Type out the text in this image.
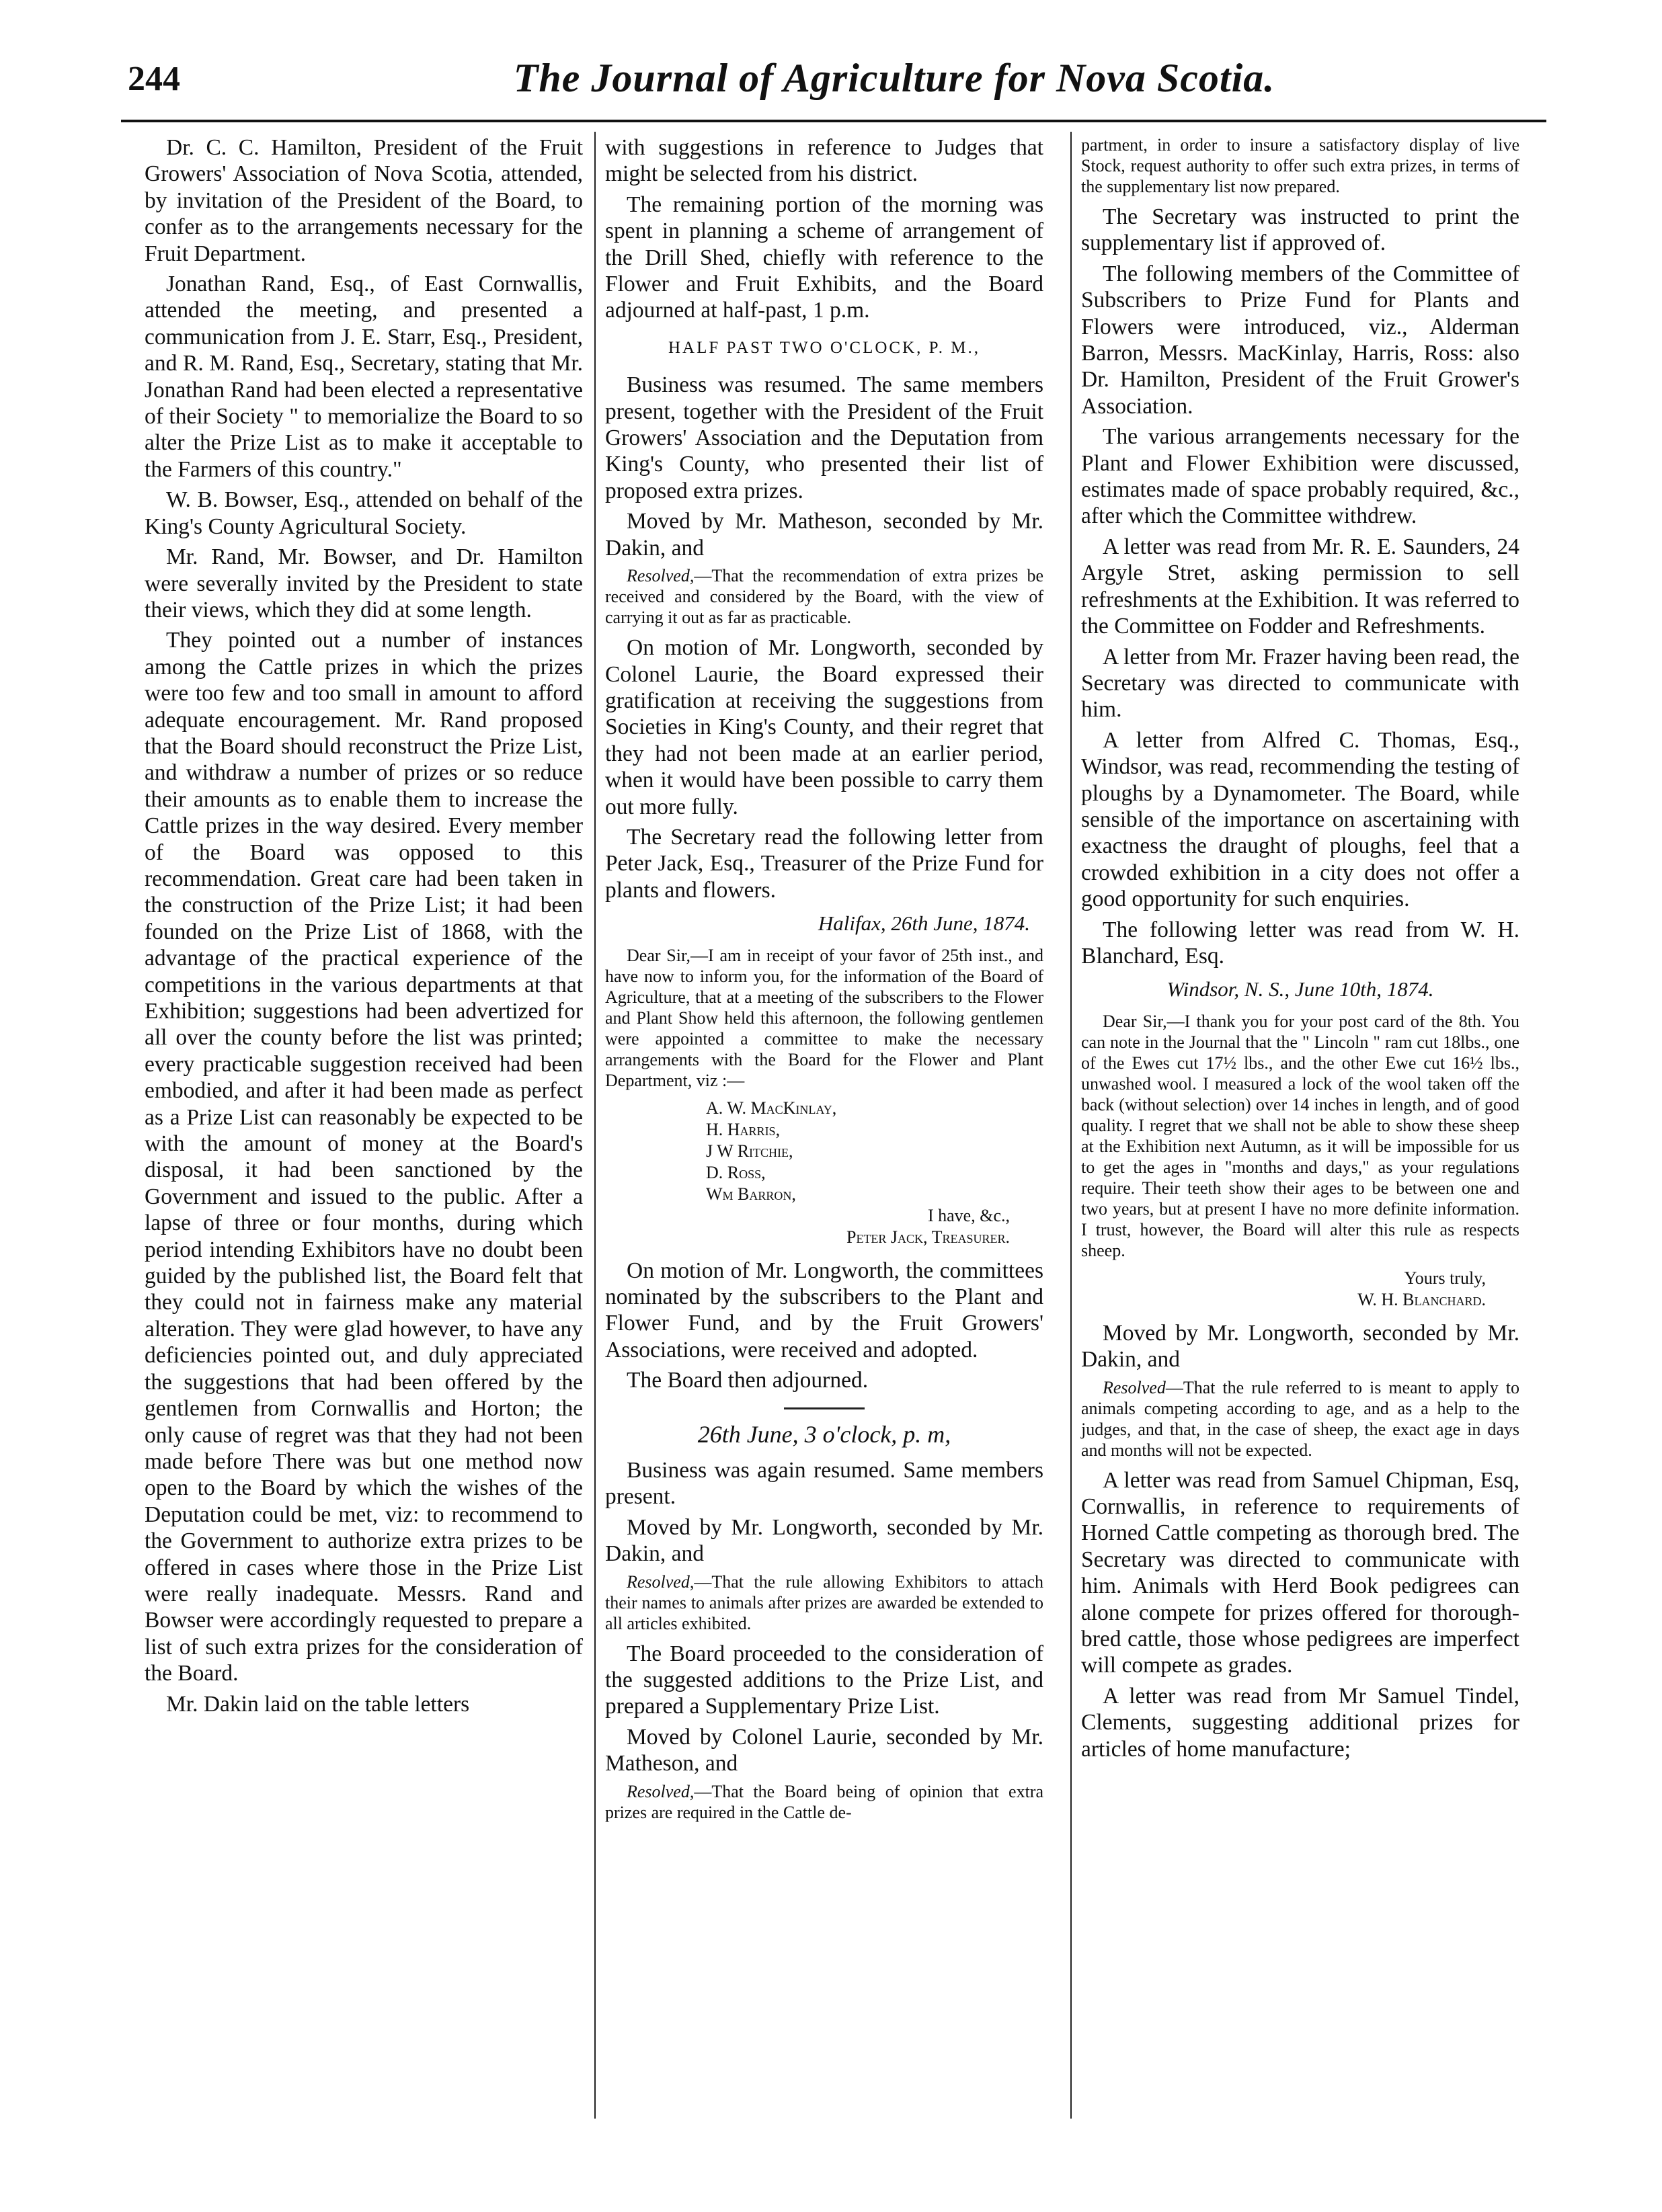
244	The Journal of Agriculture for Nova Scotia.

Dr. C. C. Hamilton, President of the Fruit Growers' Association of Nova Scotia, attended, by invitation of the President of the Board, to confer as to the arrangements necessary for the Fruit Department.

Jonathan Rand, Esq., of East Cornwallis, attended the meeting, and presented a communication from J. E. Starr, Esq., President, and R. M. Rand, Esq., Secretary, stating that Mr. Jonathan Rand had been elected a representative of their Society " to memorialize the Board to so alter the Prize List as to make it acceptable to the Farmers of this country."

W. B. Bowser, Esq., attended on behalf of the King's County Agricultural Society.

Mr. Rand, Mr. Bowser, and Dr. Hamilton were severally invited by the President to state their views, which they did at some length.

They pointed out a number of instances among the Cattle prizes in which the prizes were too few and too small in amount to afford adequate encouragement. Mr. Rand proposed that the Board should reconstruct the Prize List, and withdraw a number of prizes or so reduce their amounts as to enable them to increase the Cattle prizes in the way desired. Every member of the Board was opposed to this recommendation. Great care had been taken in the construction of the Prize List; it had been founded on the Prize List of 1868, with the advantage of the practical experience of the competitions in the various departments at that Exhibition; suggestions had been advertized for all over the county before the list was printed; every practicable suggestion received had been embodied, and after it had been made as perfect as a Prize List can reasonably be expected to be with the amount of money at the Board's disposal, it had been sanctioned by the Government and issued to the public. After a lapse of three or four months, during which period intending Exhibitors have no doubt been guided by the published list, the Board felt that they could not in fairness make any material alteration. They were glad however, to have any deficiencies pointed out, and duly appreciated the suggestions that had been offered by the gentlemen from Cornwallis and Horton; the only cause of regret was that they had not been made before There was but one method now open to the Board by which the wishes of the Deputation could be met, viz: to recommend to the Government to authorize extra prizes to be offered in cases where those in the Prize List were really inadequate. Messrs. Rand and Bowser were accordingly requested to prepare a list of such extra prizes for the consideration of the Board.

Mr. Dakin laid on the table letters

with suggestions in reference to Judges that might be selected from his district.

The remaining portion of the morning was spent in planning a scheme of arrangement of the Drill Shed, chiefly with reference to the Flower and Fruit Exhibits, and the Board adjourned at half-past, 1 p.m.

HALF PAST TWO O'CLOCK, P. M.,

Business was resumed. The same members present, together with the President of the Fruit Growers' Association and the Deputation from King's County, who presented their list of proposed extra prizes.

Moved by Mr. Matheson, seconded by Mr. Dakin, and

Resolved,—That the recommendation of extra prizes be received and considered by the Board, with the view of carrying it out as far as practicable.

On motion of Mr. Longworth, seconded by Colonel Laurie, the Board expressed their gratification at receiving the suggestions from Societies in King's County, and their regret that they had not been made at an earlier period, when it would have been possible to carry them out more fully.

The Secretary read the following letter from Peter Jack, Esq., Treasurer of the Prize Fund for plants and flowers.

Halifax, 26th June, 1874.

Dear Sir,—I am in receipt of your favor of 25th inst., and have now to inform you, for the information of the Board of Agriculture, that at a meeting of the subscribers to the Flower and Plant Show held this afternoon, the following gentlemen were appointed a committee to make the necessary arrangements with the Board for the Flower and Plant Department, viz :—

A. W. MacKinlay,
H. Harris,
J W Ritchie,
D. Ross,
Wm Barron,
I have, &c.,
Peter Jack, Treasurer.

On motion of Mr. Longworth, the committees nominated by the subscribers to the Plant and Flower Fund, and by the Fruit Growers' Associations, were received and adopted.

The Board then adjourned.

26th June, 3 o'clock, p. m,

Business was again resumed. Same members present.

Moved by Mr. Longworth, seconded by Mr. Dakin, and

Resolved,—That the rule allowing Exhibitors to attach their names to animals after prizes are awarded be extended to all articles exhibited.

The Board proceeded to the consideration of the suggested additions to the Prize List, and prepared a Supplementary Prize List.

Moved by Colonel Laurie, seconded by Mr. Matheson, and

Resolved,—That the Board being of opinion that extra prizes are required in the Cattle de-

partment, in order to insure a satisfactory display of live Stock, request authority to offer such extra prizes, in terms of the supplementary list now prepared.

The Secretary was instructed to print the supplementary list if approved of.

The following members of the Committee of Subscribers to Prize Fund for Plants and Flowers were introduced, viz., Alderman Barron, Messrs. MacKinlay, Harris, Ross: also Dr. Hamilton, President of the Fruit Grower's Association.

The various arrangements necessary for the Plant and Flower Exhibition were discussed, estimates made of space probably required, &c., after which the Committee withdrew.

A letter was read from Mr. R. E. Saunders, 24 Argyle Stret, asking permission to sell refreshments at the Exhibition. It was referred to the Committee on Fodder and Refreshments.

A letter from Mr. Frazer having been read, the Secretary was directed to communicate with him.

A letter from Alfred C. Thomas, Esq., Windsor, was read, recommending the testing of ploughs by a Dynamometer. The Board, while sensible of the importance on ascertaining with exactness the draught of ploughs, feel that a crowded exhibition in a city does not offer a good opportunity for such enquiries.

The following letter was read from W. H. Blanchard, Esq.

Windsor, N. S., June 10th, 1874.

Dear Sir,—I thank you for your post card of the 8th. You can note in the Journal that the " Lincoln " ram cut 18lbs., one of the Ewes cut 17½ lbs., and the other Ewe cut 16½ lbs., unwashed wool. I measured a lock of the wool taken off the back (without selection) over 14 inches in length, and of good quality. I regret that we shall not be able to show these sheep at the Exhibition next Autumn, as it will be impossible for us to get the ages in "months and days," as your regulations require. Their teeth show their ages to be between one and two years, but at present I have no more definite information. I trust, however, the Board will alter this rule as respects sheep.

Yours truly,
W. H. Blanchard.

Moved by Mr. Longworth, seconded by Mr. Dakin, and

Resolved—That the rule referred to is meant to apply to animals competing according to age, and as a help to the judges, and that, in the case of sheep, the exact age in days and months will not be expected.

A letter was read from Samuel Chipman, Esq, Cornwallis, in reference to requirements of Horned Cattle competing as thorough bred. The Secretary was directed to communicate with him. Animals with Herd Book pedigrees can alone compete for prizes offered for thorough-bred cattle, those whose pedigrees are imperfect will compete as grades.

A letter was read from Mr Samuel Tindel, Clements, suggesting additional prizes for articles of home manufacture;
